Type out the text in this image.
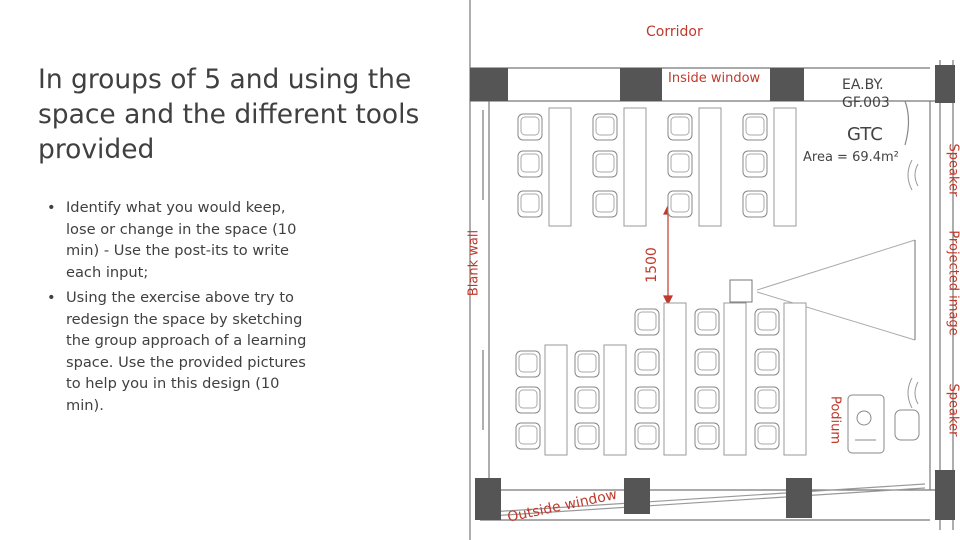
In groups of 5 and using the space and the different tools provided
• Identify what you would keep, lose or change in the space (10 min) - Use the post-its to write each input;
• Using the exercise above try to redesign the space by sketching the group approach of a learning space. Use the provided pictures to help you in this design (10 min).
Corridor
Inside window
Outside window
Blank wall	1500
Speaker
Projected image
Speaker
Podium
EA.BY.
GF.003
GTC
Area = 69.4m²
